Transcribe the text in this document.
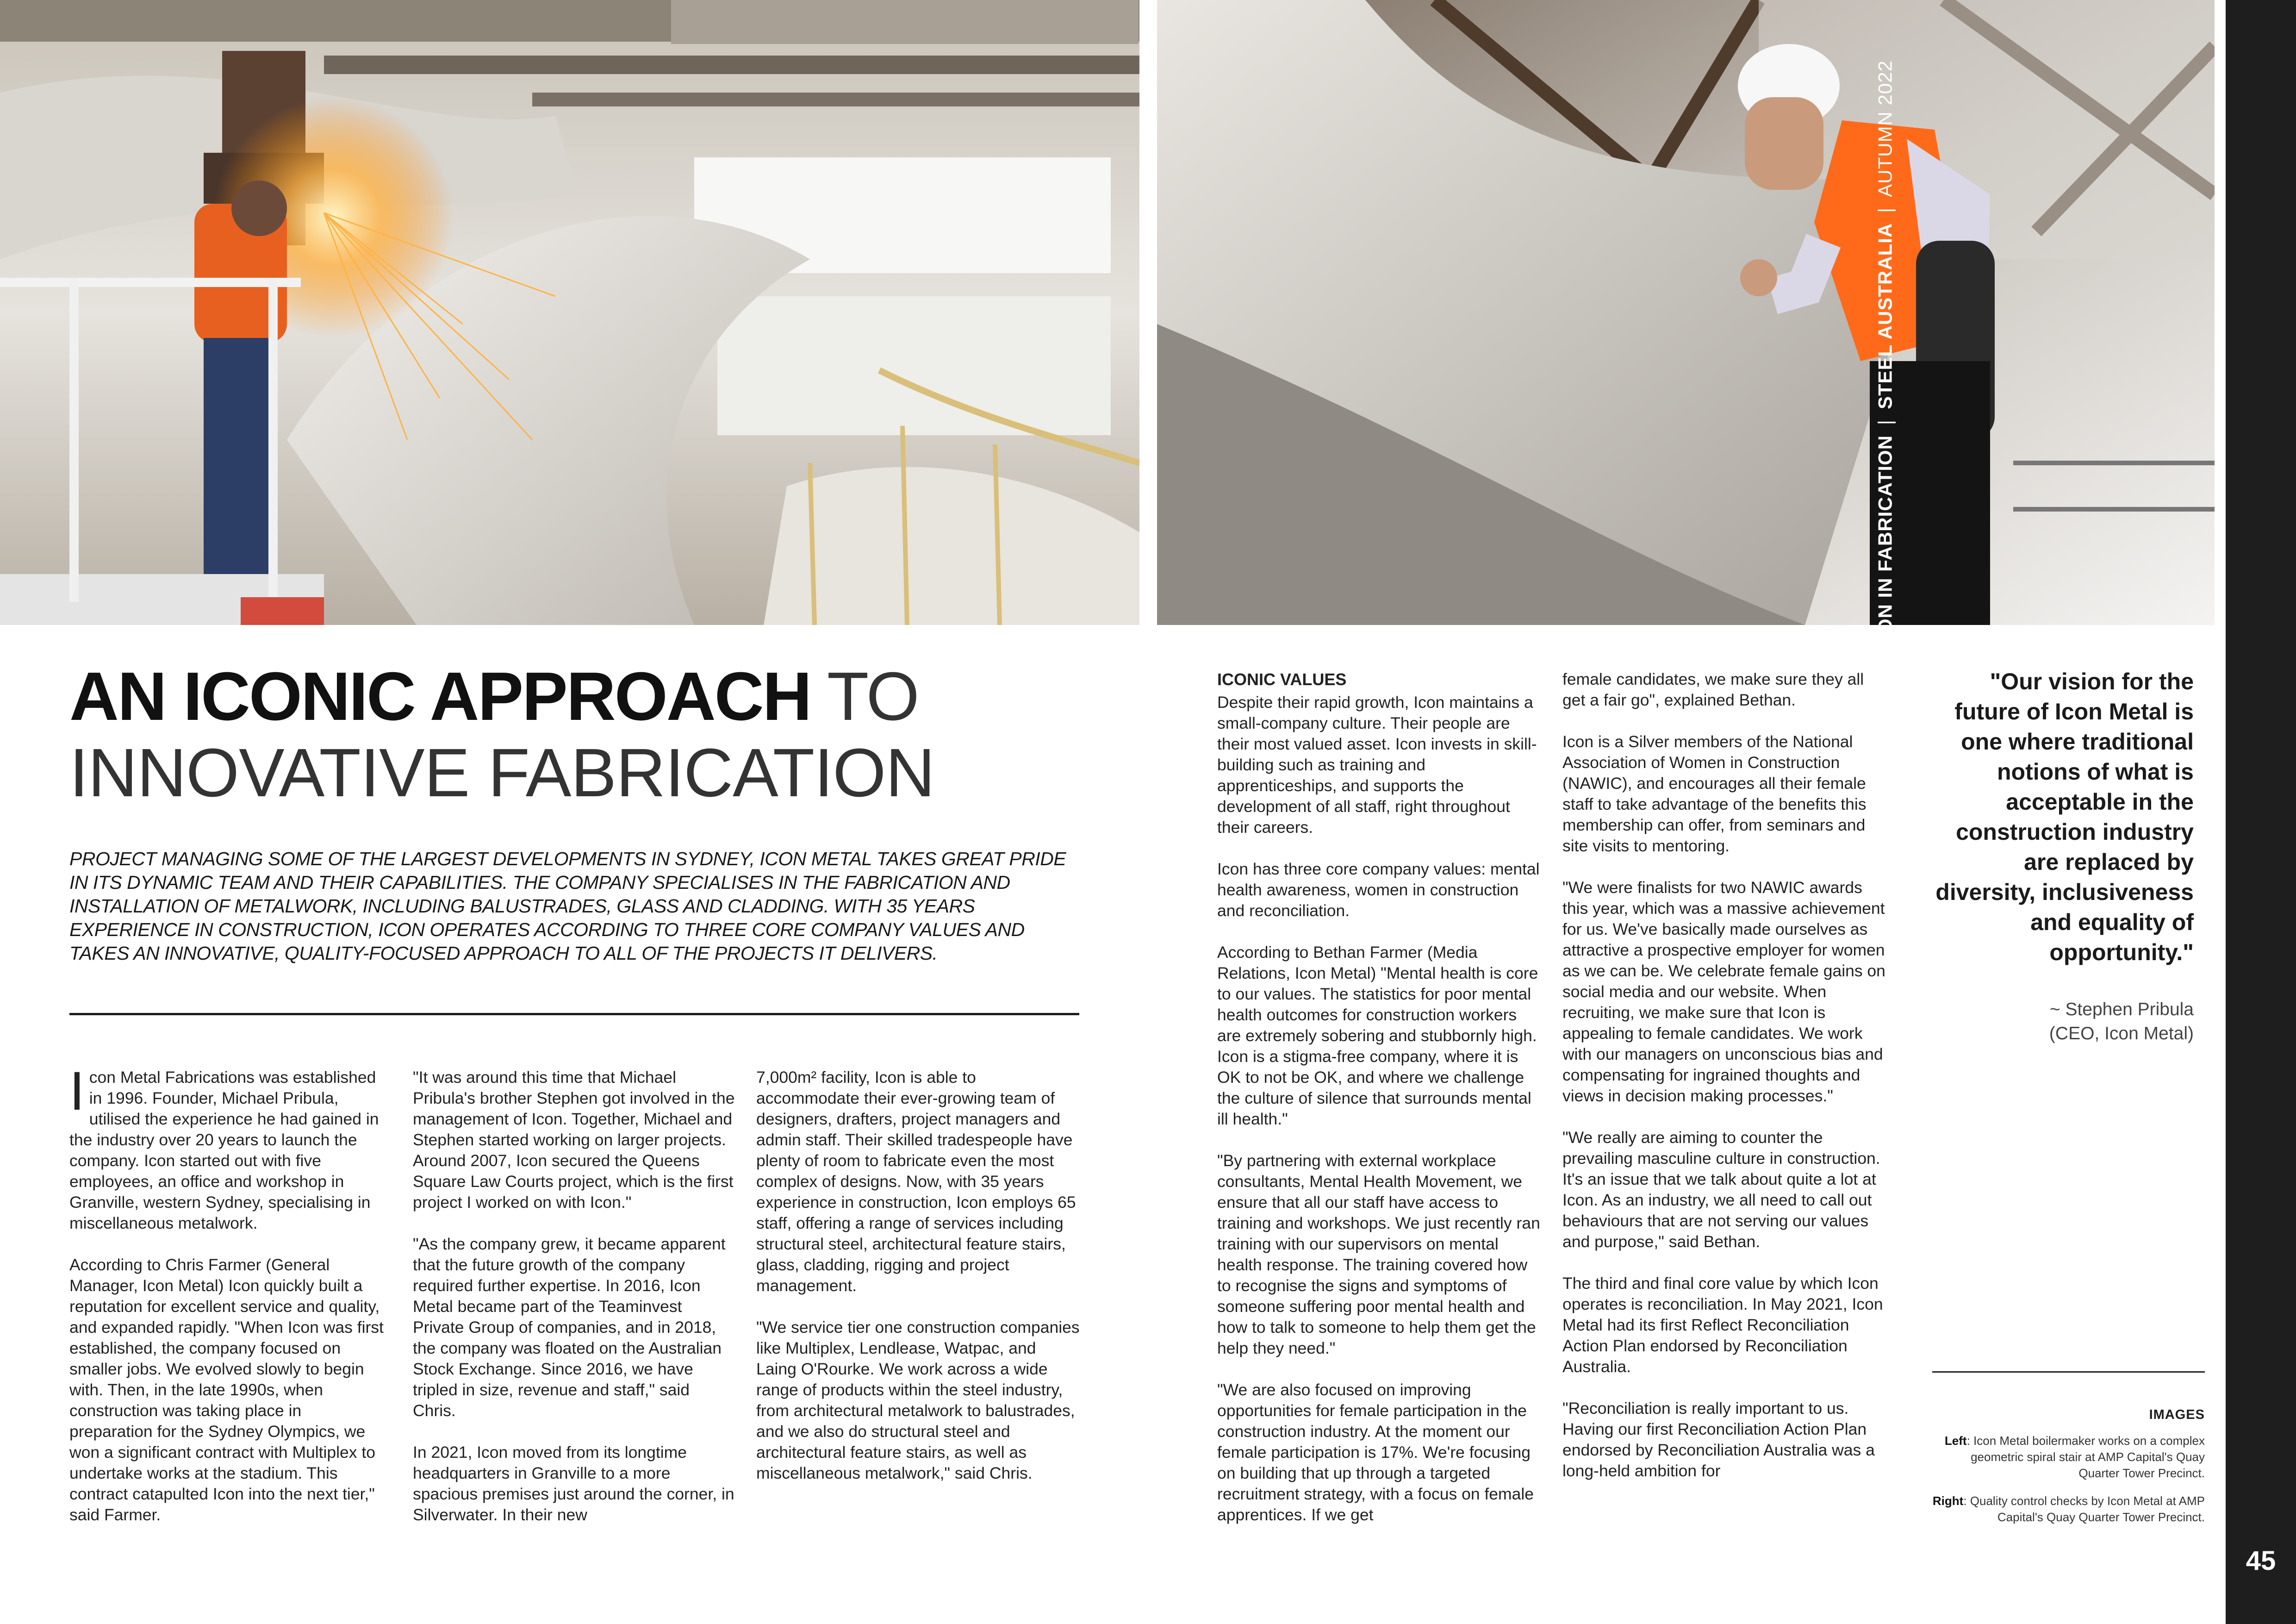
FEATURE: INNOVATION IN FABRICATION|STEEL AUSTRALIA|AUTUMN 2022
45
AN ICONIC APPROACH TO
INNOVATIVE FABRICATION
PROJECT MANAGING SOME OF THE LARGEST DEVELOPMENTS IN SYDNEY, ICON METAL TAKES GREAT PRIDE IN ITS DYNAMIC TEAM AND THEIR CAPABILITIES. THE COMPANY SPECIALISES IN THE FABRICATION AND INSTALLATION OF METALWORK, INCLUDING BALUSTRADES, GLASS AND CLADDING. WITH 35 YEARS EXPERIENCE IN CONSTRUCTION, ICON OPERATES ACCORDING TO THREE CORE COMPANY VALUES AND TAKES AN INNOVATIVE, QUALITY-FOCUSED APPROACH TO ALL OF THE PROJECTS IT DELIVERS.

Icon Metal Fabrications was established in 1996. Founder, Michael Pribula, utilised the experience he had gained in the industry over 20 years to launch the company. Icon started out with five employees, an office and workshop in Granville, western Sydney, specialising in miscellaneous metalwork.

According to Chris Farmer (General Manager, Icon Metal) Icon quickly built a reputation for excellent service and quality, and expanded rapidly. "When Icon was first established, the company focused on smaller jobs. We evolved slowly to begin with. Then, in the late 1990s, when construction was taking place in preparation for the Sydney Olympics, we won a significant contract with Multiplex to undertake works at the stadium. This contract catapulted Icon into the next tier," said Farmer.

"It was around this time that Michael Pribula's brother Stephen got involved in the management of Icon. Together, Michael and Stephen started working on larger projects. Around 2007, Icon secured the Queens Square Law Courts project, which is the first project I worked on with Icon."

"As the company grew, it became apparent that the future growth of the company required further expertise. In 2016, Icon Metal became part of the Teaminvest Private Group of companies, and in 2018, the company was floated on the Australian Stock Exchange. Since 2016, we have tripled in size, revenue and staff," said Chris.

In 2021, Icon moved from its longtime headquarters in Granville to a more spacious premises just around the corner, in Silverwater. In their new

7,000m² facility, Icon is able to accommodate their ever-growing team of designers, drafters, project managers and admin staff. Their skilled tradespeople have plenty of room to fabricate even the most complex of designs. Now, with 35 years experience in construction, Icon employs 65 staff, offering a range of services including structural steel, architectural feature stairs, glass, cladding, rigging and project management.

"We service tier one construction companies like Multiplex, Lendlease, Watpac, and Laing O'Rourke. We work across a wide range of products within the steel industry, from architectural metalwork to balustrades, and we also do structural steel and architectural feature stairs, as well as miscellaneous metalwork," said Chris.

ICONIC VALUES

Despite their rapid growth, Icon maintains a small-company culture. Their people are their most valued asset. Icon invests in skill-building such as training and apprenticeships, and supports the development of all staff, right throughout their careers.

Icon has three core company values: mental health awareness, women in construction and reconciliation.

According to Bethan Farmer (Media Relations, Icon Metal) "Mental health is core to our values. The statistics for poor mental health outcomes for construction workers are extremely sobering and stubbornly high. Icon is a stigma-free company, where it is OK to not be OK, and where we challenge the culture of silence that surrounds mental ill health."

"By partnering with external workplace consultants, Mental Health Movement, we ensure that all our staff have access to training and workshops. We just recently ran training with our supervisors on mental health response. The training covered how to recognise the signs and symptoms of someone suffering poor mental health and how to talk to someone to help them get the help they need."

"We are also focused on improving opportunities for female participation in the construction industry. At the moment our female participation is 17%. We're focusing on building that up through a targeted recruitment strategy, with a focus on female apprentices. If we get

female candidates, we make sure they all get a fair go", explained Bethan.

Icon is a Silver members of the National Association of Women in Construction (NAWIC), and encourages all their female staff to take advantage of the benefits this membership can offer, from seminars and site visits to mentoring.

"We were finalists for two NAWIC awards this year, which was a massive achievement for us. We've basically made ourselves as attractive a prospective employer for women as we can be. We celebrate female gains on social media and our website. When recruiting, we make sure that Icon is appealing to female candidates. We work with our managers on unconscious bias and compensating for ingrained thoughts and views in decision making processes."

"We really are aiming to counter the prevailing masculine culture in construction. It's an issue that we talk about quite a lot at Icon. As an industry, we all need to call out behaviours that are not serving our values and purpose," said Bethan.

The third and final core value by which Icon operates is reconciliation. In May 2021, Icon Metal had its first Reflect Reconciliation Action Plan endorsed by Reconciliation Australia.

"Reconciliation is really important to us. Having our first Reconciliation Action Plan endorsed by Reconciliation Australia was a long-held ambition for

"Our vision for the future of Icon Metal is one where traditional notions of what is acceptable in the construction industry are replaced by diversity, inclusiveness and equality of opportunity."
~ Stephen Pribula
(CEO, Icon Metal)
IMAGES
Left: Icon Metal boilermaker works on a complex geometric spiral stair at AMP Capital's Quay Quarter Tower Precinct.
Right: Quality control checks by Icon Metal at AMP Capital's Quay Quarter Tower Precinct.
